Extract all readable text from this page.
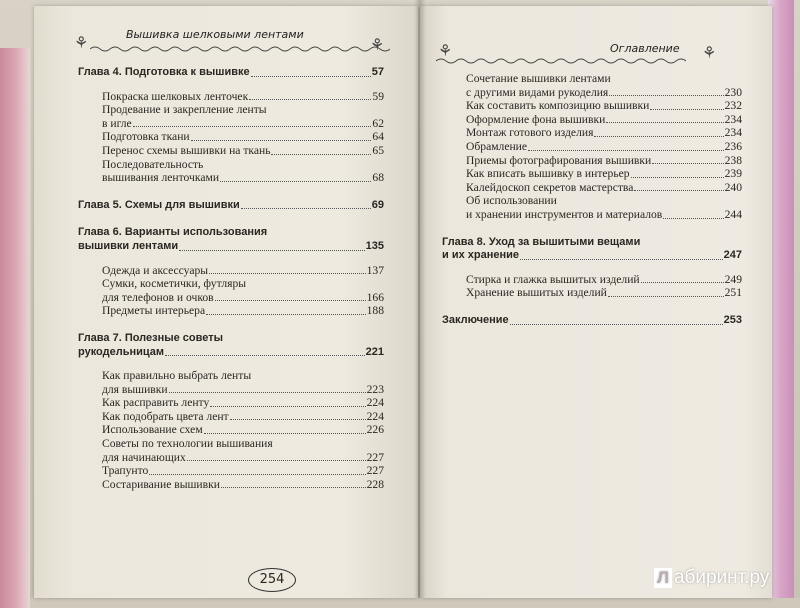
⚘
Вышивка шелковыми лентами
⚘
Глава 4. Подготовка к вышивке	57
Покраска шелковых ленточек	59
Продевание и закрепление ленты
в игле	62
Подготовка ткани	64
Перенос схемы вышивки на ткань	65
Последовательность
вышивания ленточками	68
Глава 5. Схемы для вышивки	69
Глава 6. Варианты использования
вышивки лентами	135
Одежда и аксессуары	137
Сумки, косметички, футляры
для телефонов и очков	166
Предметы интерьера	188
Глава 7. Полезные советы
рукодельницам	221
Как правильно выбрать ленты
для вышивки	223
Как расправить ленту	224
Как подобрать цвета лент	224
Использование схем	226
Советы по технологии вышивания
для начинающих	227
Трапунто	227
Состаривание вышивки	228
254
Оглавление
⚘	⚘
Сочетание вышивки лентами
с другими видами рукоделия	230
Как составить композицию вышивки	232
Оформление фона вышивки	234
Монтаж готового изделия	234
Обрамление	236
Приемы фотографирования вышивки	238
Как вписать вышивку в интерьер	239
Калейдоскоп секретов мастерства	240
Об использовании
и хранении инструментов и материалов	244
Глава 8. Уход за вышитыми вещами
и их хранение	247
Стирка и глажка вышитых изделий	249
Хранение вышитых изделий	251
Заключение	253
Л абиринт.ру
